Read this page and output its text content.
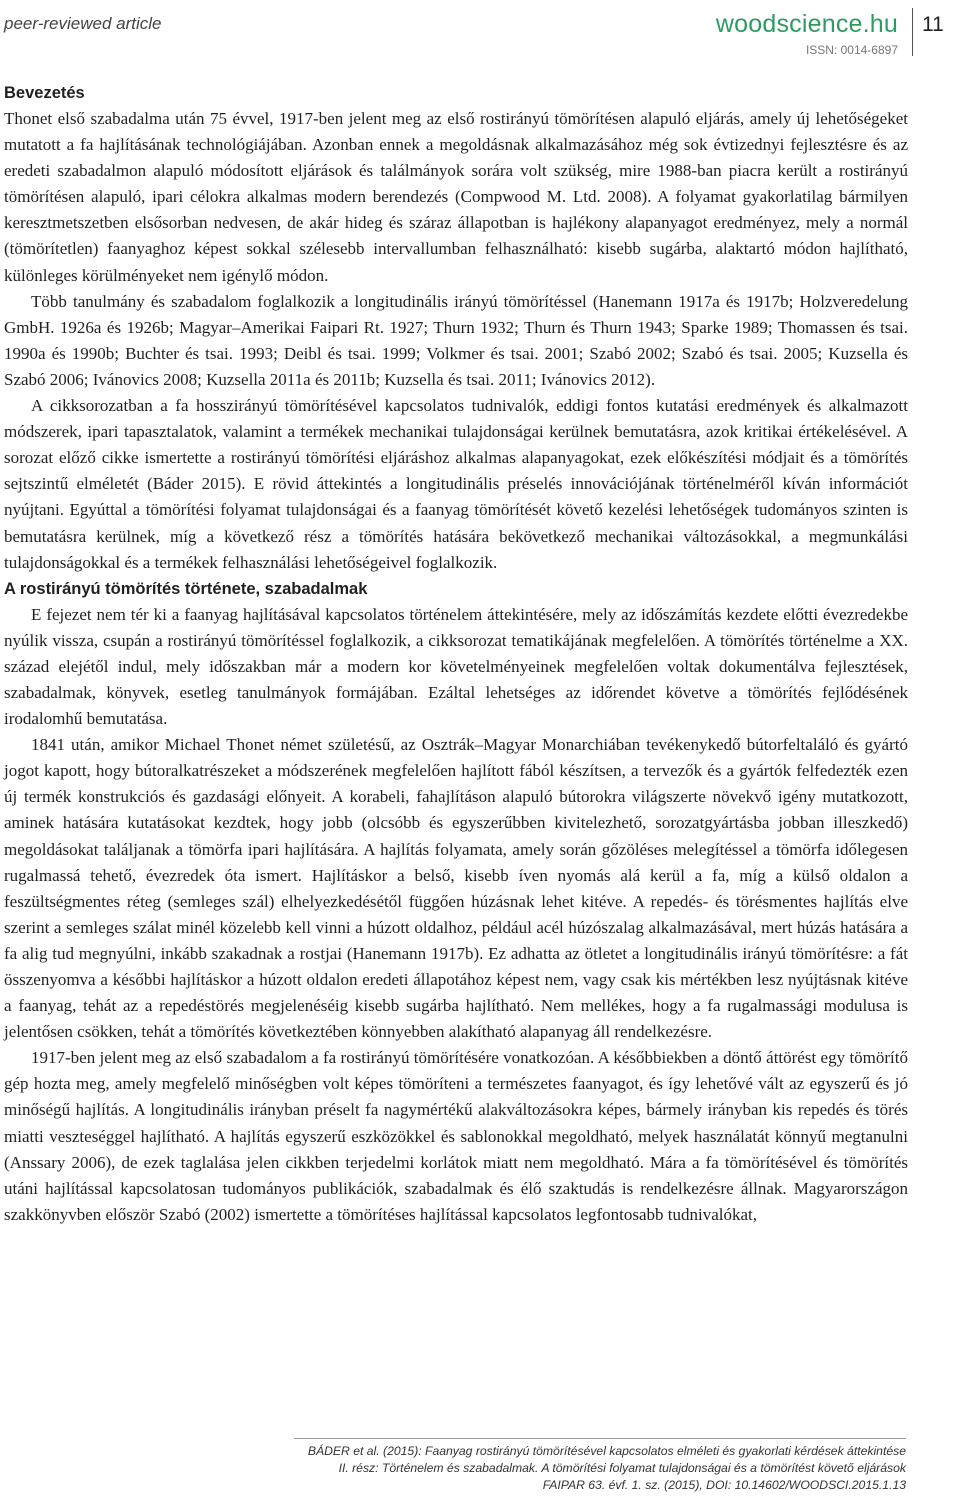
peer-reviewed article	woodscience.hu
ISSN: 0014-6897
11
Bevezetés

Thonet első szabadalma után 75 évvel, 1917-ben jelent meg az első rostirányú tömörítésen alapuló eljárás, amely új lehetőségeket mutatott a fa hajlításának technológiájában. Azonban ennek a megoldásnak alkalmazásához még sok évtizednyi fejlesztésre és az eredeti szabadalmon alapuló módosított eljárások és találmányok sorára volt szükség, mire 1988-ban piacra került a rostirányú tömörítésen alapuló, ipari célokra alkalmas modern berendezés (Compwood M. Ltd. 2008). A folyamat gyakorlatilag bármilyen keresztmetszetben elsősorban nedvesen, de akár hideg és száraz állapotban is hajlékony alapanyagot eredményez, mely a normál (tömörítetlen) faanyaghoz képest sokkal szélesebb intervallumban felhasználható: kisebb sugárba, alaktartó módon hajlítható, különleges körülményeket nem igénylő módon.

Több tanulmány és szabadalom foglalkozik a longitudinális irányú tömörítéssel (Hanemann 1917a és 1917b; Holzveredelung GmbH. 1926a és 1926b; Magyar–Amerikai Faipari Rt. 1927; Thurn 1932; Thurn és Thurn 1943; Sparke 1989; Thomassen és tsai. 1990a és 1990b; Buchter és tsai. 1993; Deibl és tsai. 1999; Volkmer és tsai. 2001; Szabó 2002; Szabó és tsai. 2005; Kuzsella és Szabó 2006; Ivánovics 2008; Kuzsella 2011a és 2011b; Kuzsella és tsai. 2011; Ivánovics 2012).

A cikksorozatban a fa hosszirányú tömörítésével kapcsolatos tudnivalók, eddigi fontos kutatási eredmények és alkalmazott módszerek, ipari tapasztalatok, valamint a termékek mechanikai tulajdonságai kerülnek bemutatásra, azok kritikai értékelésével. A sorozat előző cikke ismertette a rostirányú tömörítési eljáráshoz alkalmas alapanyagokat, ezek előkészítési módjait és a tömörítés sejtszintű elméletét (Báder 2015). E rövid áttekintés a longitudinális préselés innovációjának történelméről kíván információt nyújtani. Egyúttal a tömörítési folyamat tulajdonságai és a faanyag tömörítését követő kezelési lehetőségek tudományos szinten is bemutatásra kerülnek, míg a következő rész a tömörítés hatására bekövetkező mechanikai változásokkal, a megmunkálási tulajdonságokkal és a termékek felhasználási lehetőségeivel foglalkozik.

A rostirányú tömörítés története, szabadalmak

E fejezet nem tér ki a faanyag hajlításával kapcsolatos történelem áttekintésére, mely az időszámítás kezdete előtti évezredekbe nyúlik vissza, csupán a rostirányú tömörítéssel foglalkozik, a cikksorozat tematikájának megfelelően. A tömörítés történelme a XX. század elejétől indul, mely időszakban már a modern kor követelményeinek megfelelően voltak dokumentálva fejlesztések, szabadalmak, könyvek, esetleg tanulmányok formájában. Ezáltal lehetséges az időrendet követve a tömörítés fejlődésének irodalomhű bemutatása.

1841 után, amikor Michael Thonet német születésű, az Osztrák–Magyar Monarchiában tevékenykedő bútorfeltaláló és gyártó jogot kapott, hogy bútoralkatrészeket a módszerének megfelelően hajlított fából készítsen, a tervezők és a gyártók felfedezték ezen új termék konstrukciós és gazdasági előnyeit. A korabeli, fahajlításon alapuló bútorokra világszerte növekvő igény mutatkozott, aminek hatására kutatásokat kezdtek, hogy jobb (olcsóbb és egyszerűbben kivitelezhető, sorozatgyártásba jobban illeszkedő) megoldásokat találjanak a tömörfa ipari hajlítására. A hajlítás folyamata, amely során gőzöléses melegítéssel a tömörfa időlegesen rugalmassá tehető, évezredek óta ismert. Hajlításkor a belső, kisebb íven nyomás alá kerül a fa, míg a külső oldalon a feszültségmentes réteg (semleges szál) elhelyezkedésétől függően húzásnak lehet kitéve. A repedés- és törésmentes hajlítás elve szerint a semleges szálat minél közelebb kell vinni a húzott oldalhoz, például acél húzószalag alkalmazásával, mert húzás hatására a fa alig tud megnyúlni, inkább szakadnak a rostjai (Hanemann 1917b). Ez adhatta az ötletet a longitudinális irányú tömörítésre: a fát összenyomva a későbbi hajlításkor a húzott oldalon eredeti állapotához képest nem, vagy csak kis mértékben lesz nyújtásnak kitéve a faanyag, tehát az a repedéstörés megjelenéséig kisebb sugárba hajlítható. Nem mellékes, hogy a fa rugalmassági modulusa is jelentősen csökken, tehát a tömörítés következtében könnyebben alakítható alapanyag áll rendelkezésre.

1917-ben jelent meg az első szabadalom a fa rostirányú tömörítésére vonatkozóan. A későbbiekben a döntő áttörést egy tömörítő gép hozta meg, amely megfelelő minőségben volt képes tömöríteni a természetes faanyagot, és így lehetővé vált az egyszerű és jó minőségű hajlítás. A longitudinális irányban préselt fa nagymértékű alakváltozásokra képes, bármely irányban kis repedés és törés miatti veszteséggel hajlítható. A hajlítás egyszerű eszközökkel és sablonokkal megoldható, melyek használatát könnyű megtanulni (Anssary 2006), de ezek taglalása jelen cikkben terjedelmi korlátok miatt nem megoldható. Mára a fa tömörítésével és tömörítés utáni hajlítással kapcsolatosan tudományos publikációk, szabadalmak és élő szaktudás is rendelkezésre állnak. Magyarországon szakkönyvben először Szabó (2002) ismertette a tömörítéses hajlítással kapcsolatos legfontosabb tudnivalókat,

BÁDER et al. (2015): Faanyag rostirányú tömörítésével kapcsolatos elméleti és gyakorlati kérdések áttekintése
II. rész: Történelem és szabadalmak. A tömörítési folyamat tulajdonságai és a tömörítést követő eljárások
FAIPAR 63. évf. 1. sz. (2015), DOI: 10.14602/WOODSCI.2015.1.13
